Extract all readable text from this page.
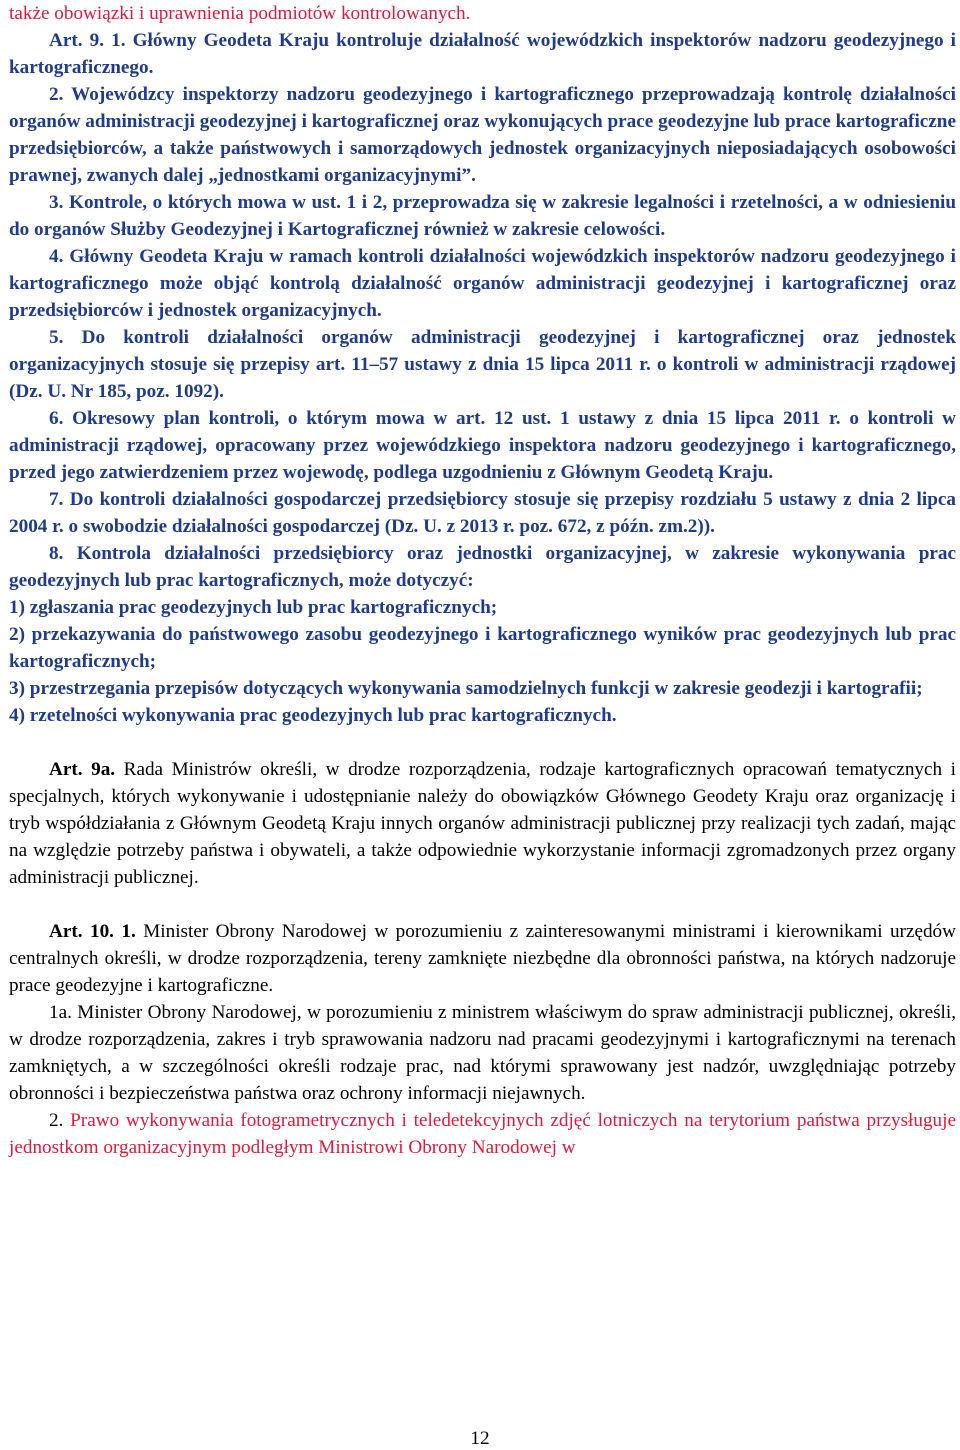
także obowiązki i uprawnienia podmiotów kontrolowanych.

Art. 9. 1. Główny Geodeta Kraju kontroluje działalność wojewódzkich inspektorów nadzoru geodezyjnego i kartograficznego.

2. Wojewódzcy inspektorzy nadzoru geodezyjnego i kartograficznego przeprowadzają kontrolę działalności organów administracji geodezyjnej i kartograficznej oraz wykonujących prace geodezyjne lub prace kartograficzne przedsiębiorców, a także państwowych i samorządowych jednostek organizacyjnych nieposiadających osobowości prawnej, zwanych dalej „jednostkami organizacyjnymi”.

3. Kontrole, o których mowa w ust. 1 i 2, przeprowadza się w zakresie legalności i rzetelności, a w odniesieniu do organów Służby Geodezyjnej i Kartograficznej również w zakresie celowości.

4. Główny Geodeta Kraju w ramach kontroli działalności wojewódzkich inspektorów nadzoru geodezyjnego i kartograficznego może objąć kontrolą działalność organów administracji geodezyjnej i kartograficznej oraz przedsiębiorców i jednostek organizacyjnych.

5. Do kontroli działalności organów administracji geodezyjnej i kartograficznej oraz jednostek organizacyjnych stosuje się przepisy art. 11–57 ustawy z dnia 15 lipca 2011 r. o kontroli w administracji rządowej (Dz. U. Nr 185, poz. 1092).

6. Okresowy plan kontroli, o którym mowa w art. 12 ust. 1 ustawy z dnia 15 lipca 2011 r. o kontroli w administracji rządowej, opracowany przez wojewódzkiego inspektora nadzoru geodezyjnego i kartograficznego, przed jego zatwierdzeniem przez wojewodę, podlega uzgodnieniu z Głównym Geodetą Kraju.

7. Do kontroli działalności gospodarczej przedsiębiorcy stosuje się przepisy rozdziału 5 ustawy z dnia 2 lipca 2004 r. o swobodzie działalności gospodarczej (Dz. U. z 2013 r. poz. 672, z późn. zm.2)).

8. Kontrola działalności przedsiębiorcy oraz jednostki organizacyjnej, w zakresie wykonywania prac geodezyjnych lub prac kartograficznych, może dotyczyć:

1) zgłaszania prac geodezyjnych lub prac kartograficznych;

2) przekazywania do państwowego zasobu geodezyjnego i kartograficznego wyników prac geodezyjnych lub prac kartograficznych;

3) przestrzegania przepisów dotyczących wykonywania samodzielnych funkcji w zakresie geodezji i kartografii;

4) rzetelności wykonywania prac geodezyjnych lub prac kartograficznych.

Art. 9a. Rada Ministrów określi, w drodze rozporządzenia, rodzaje kartograficznych opracowań tematycznych i specjalnych, których wykonywanie i udostępnianie należy do obowiązków Głównego Geodety Kraju oraz organizację i tryb współdziałania z Głównym Geodetą Kraju innych organów administracji publicznej przy realizacji tych zadań, mając na względzie potrzeby państwa i obywateli, a także odpowiednie wykorzystanie informacji zgromadzonych przez organy administracji publicznej.

Art. 10. 1. Minister Obrony Narodowej w porozumieniu z zainteresowanymi ministrami i kierownikami urzędów centralnych określi, w drodze rozporządzenia, tereny zamknięte niezbędne dla obronności państwa, na których nadzoruje prace geodezyjne i kartograficzne.

1a. Minister Obrony Narodowej, w porozumieniu z ministrem właściwym do spraw administracji publicznej, określi, w drodze rozporządzenia, zakres i tryb sprawowania nadzoru nad pracami geodezyjnymi i kartograficznymi na terenach zamkniętych, a w szczególności określi rodzaje prac, nad którymi sprawowany jest nadzór, uwzględniając potrzeby obronności i bezpieczeństwa państwa oraz ochrony informacji niejawnych.

2. Prawo wykonywania fotogrametrycznych i teledetekcyjnych zdjęć lotniczych na terytorium państwa przysługuje jednostkom organizacyjnym podległym Ministrowi Obrony Narodowej w

12
